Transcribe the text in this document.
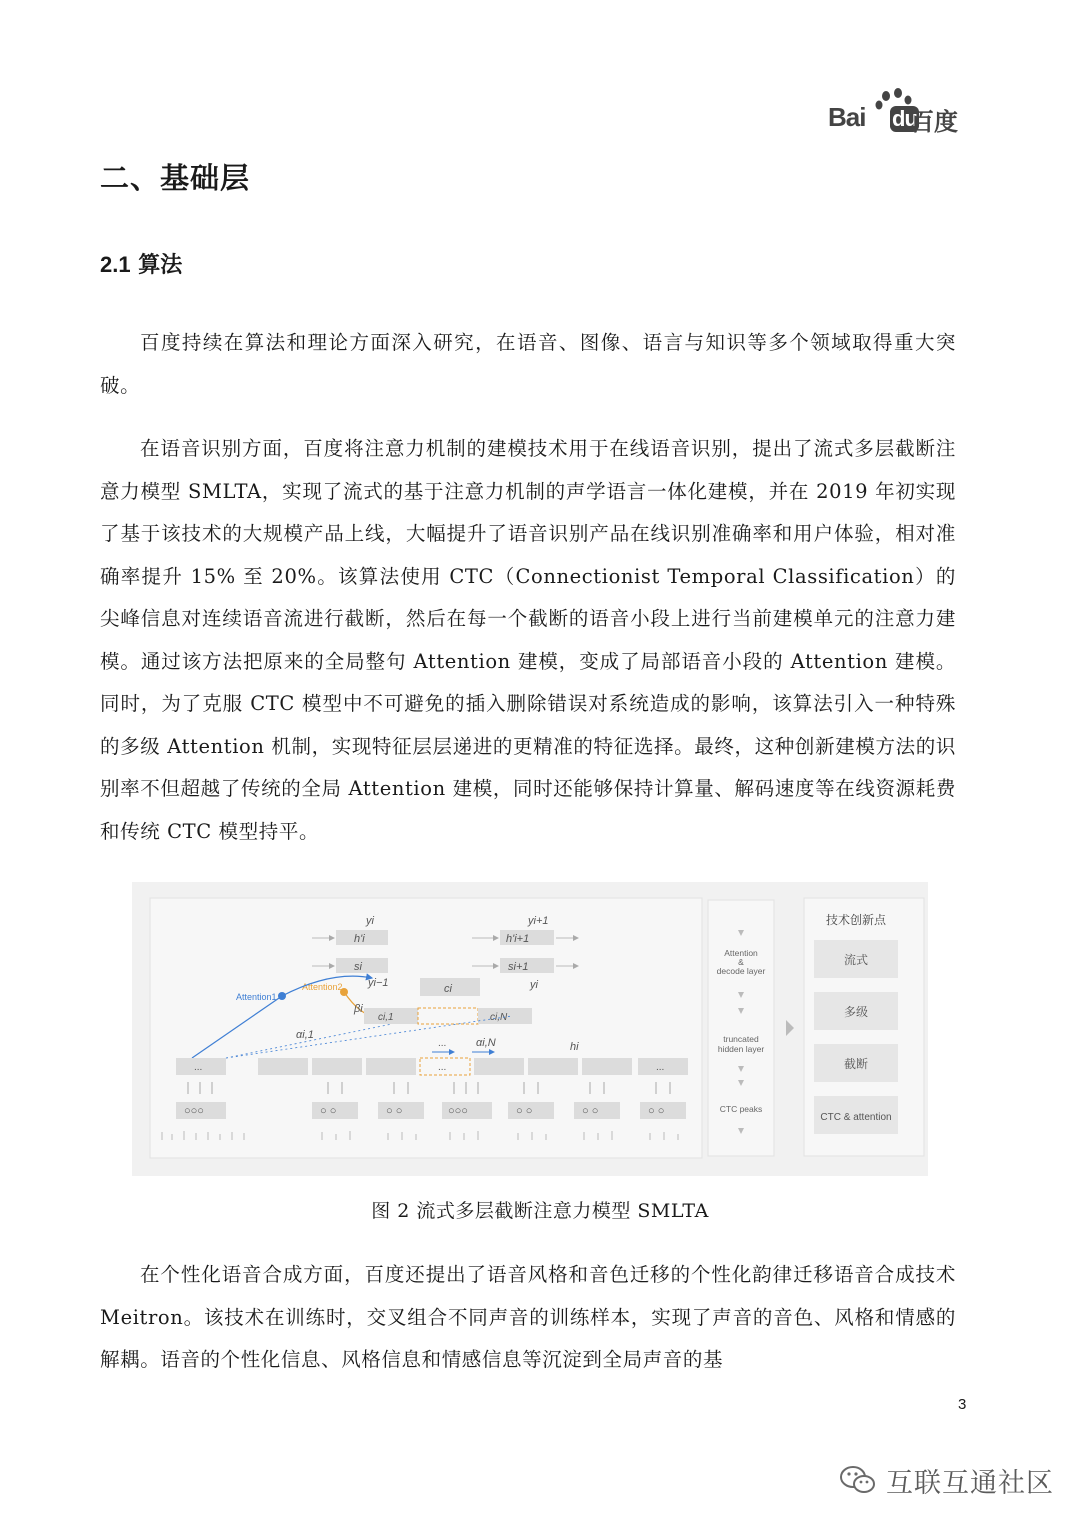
Bai du
百度
二、基础层
2.1 算法

百度持续在算法和理论方面深入研究，在语音、图像、语言与知识等多个领域取得重大突破。

在语音识别方面，百度将注意力机制的建模技术用于在线语音识别，提出了流式多层截断注意力模型 SMLTA，实现了流式的基于注意力机制的声学语言一体化建模，并在 2019 年初实现了基于该技术的大规模产品上线，大幅提升了语音识别产品在线识别准确率和用户体验，相对准确率提升 15% 至 20%。该算法使用 CTC（Connectionist Temporal Classification）的尖峰信息对连续语音流进行截断，然后在每一个截断的语音小段上进行当前建模单元的注意力建模。通过该方法把原来的全局整句 Attention 建模，变成了局部语音小段的 Attention 建模。同时，为了克服 CTC 模型中不可避免的插入删除错误对系统造成的影响，该算法引入一种特殊的多级 Attention 机制，实现特征层层递进的更精准的特征选择。最终，这种创新建模方法的识别率不但超越了传统的全局 Attention 建模，同时还能够保持计算量、解码速度等在线资源耗费和传统 CTC 模型持平。

yi
h'i
si
yi−1	ci
yi+1
h'i+1
si+1
yi
Attention1
Attention2
βi
ci,1	ci,N
αi,1
αi,N	hi
...
...	...	...
○○○	○ ○	○ ○	○○○	○ ○	○ ○	○ ○
Attention
&
decode layer
truncated
hidden layer
CTC peaks
技术创新点
流式
多级
截断
CTC & attention
图 2 流式多层截断注意力模型 SMLTA

在个性化语音合成方面，百度还提出了语音风格和音色迁移的个性化韵律迁移语音合成技术 Meitron。该技术在训练时，交叉组合不同声音的训练样本，实现了声音的音色、风格和情感的解耦。语音的个性化信息、风格信息和情感信息等沉淀到全局声音的基

3
互联互通社区
